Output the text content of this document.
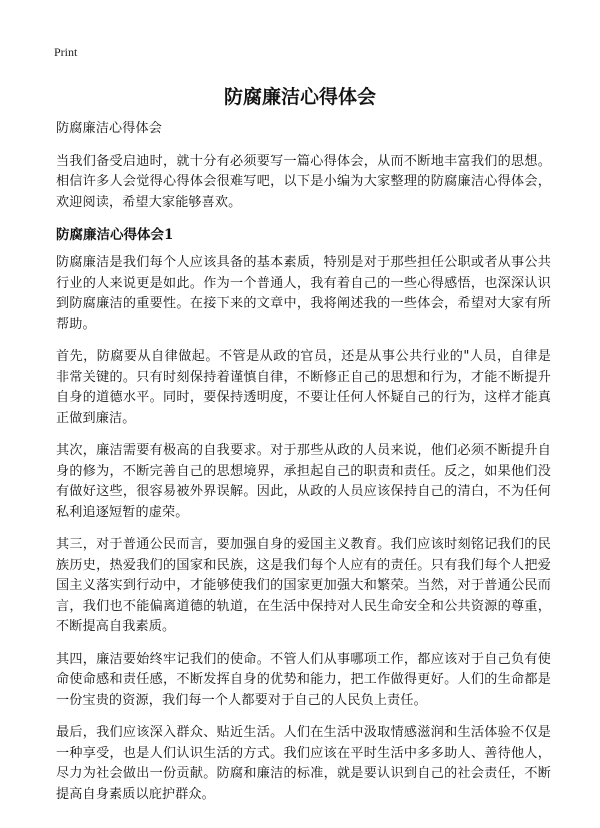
Print
防腐廉洁心得体会

防腐廉洁心得体会

当我们备受启迪时，就十分有必须要写一篇心得体会，从而不断地丰富我们的思想。相信许多人会觉得心得体会很难写吧，以下是小编为大家整理的防腐廉洁心得体会，欢迎阅读，希望大家能够喜欢。

防腐廉洁心得体会1

防腐廉洁是我们每个人应该具备的基本素质，特别是对于那些担任公职或者从事公共行业的人来说更是如此。作为一个普通人，我有着自己的一些心得感悟，也深深认识到防腐廉洁的重要性。在接下来的文章中，我将阐述我的一些体会，希望对大家有所帮助。

首先，防腐要从自律做起。不管是从政的官员，还是从事公共行业的"人员，自律是非常关键的。只有时刻保持着谨慎自律，不断修正自己的思想和行为，才能不断提升自身的道德水平。同时，要保持透明度，不要让任何人怀疑自己的行为，这样才能真正做到廉洁。

其次，廉洁需要有极高的自我要求。对于那些从政的人员来说，他们必须不断提升自身的修为，不断完善自己的思想境界，承担起自己的职责和责任。反之，如果他们没有做好这些，很容易被外界误解。因此，从政的人员应该保持自己的清白，不为任何私利追逐短暂的虚荣。

其三，对于普通公民而言，要加强自身的爱国主义教育。我们应该时刻铭记我们的民族历史，热爱我们的国家和民族，这是我们每个人应有的责任。只有我们每个人把爱国主义落实到行动中，才能够使我们的国家更加强大和繁荣。当然，对于普通公民而言，我们也不能偏离道德的轨道，在生活中保持对人民生命安全和公共资源的尊重，不断提高自我素质。

其四，廉洁要始终牢记我们的使命。不管人们从事哪项工作，都应该对于自己负有使命使命感和责任感，不断发挥自身的优势和能力，把工作做得更好。人们的生命都是一份宝贵的资源，我们每一个人都要对于自己的人民负上责任。

最后，我们应该深入群众、贴近生活。人们在生活中汲取情感滋润和生活体验不仅是一种享受，也是人们认识生活的方式。我们应该在平时生活中多多助人、善待他人，尽力为社会做出一份贡献。防腐和廉洁的标准，就是要认识到自己的社会责任，不断提高自身素质以庇护群众。
